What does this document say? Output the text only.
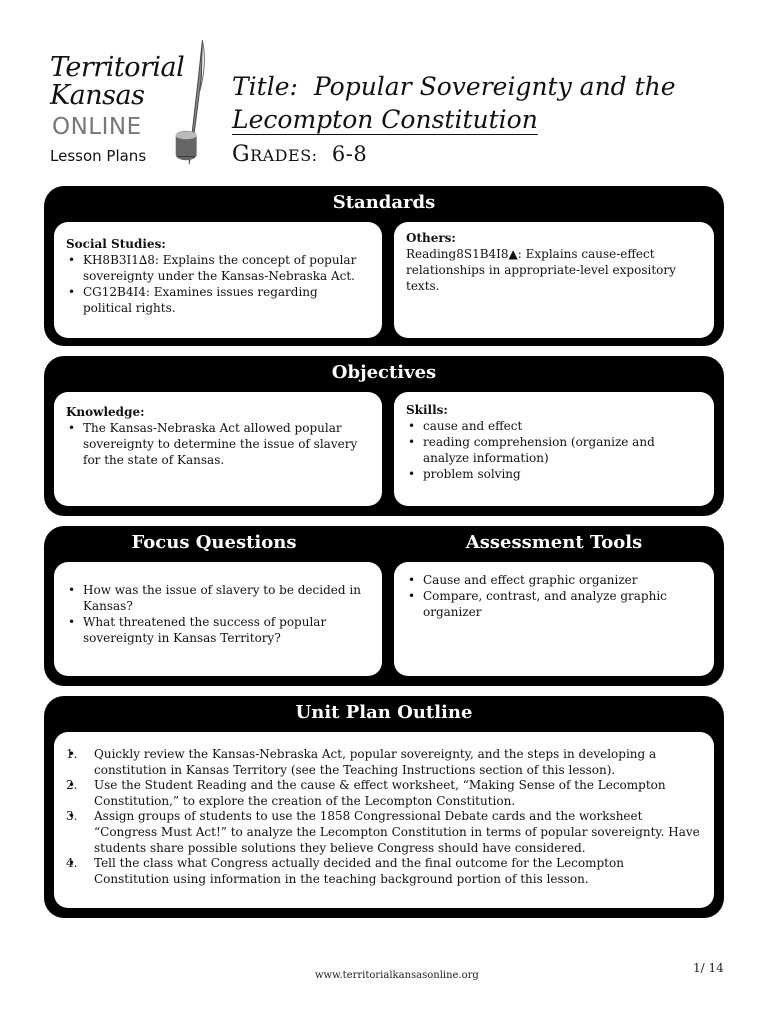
Territorial
Kansas
ONLINE
Lesson Plans
Title: Popular Sovereignty and the
Lecompton Constitution
GRADES: 6-8
Standards
Social Studies:
• KH8B3I1∆8: Explains the concept of popular sovereignty under the Kansas-Nebraska Act.
• CG12B4I4: Examines issues regarding political rights.
Others:
Reading8S1B4I8▲: Explains cause-effect relationships in appropriate-level expository texts.
Objectives
Knowledge:
• The Kansas-Nebraska Act allowed popular sovereignty to determine the issue of slavery for the state of Kansas.
Skills:
• cause and effect
• reading comprehension (organize and analyze information)
• problem solving
Focus Questions	Assessment Tools
• How was the issue of slavery to be decided in Kansas?
• What threatened the success of popular sovereignty in Kansas Territory?
• Cause and effect graphic organizer
• Compare, contrast, and analyze graphic organizer
Unit Plan Outline
• 1. Quickly review the Kansas-Nebraska Act, popular sovereignty, and the steps in developing a constitution in Kansas Territory (see the Teaching Instructions section of this lesson).
• 2. Use the Student Reading and the cause & effect worksheet, “Making Sense of the Lecompton Constitution,” to explore the creation of the Lecompton Constitution.
• 3. Assign groups of students to use the 1858 Congressional Debate cards and the worksheet “Congress Must Act!” to analyze the Lecompton Constitution in terms of popular sovereignty. Have students share possible solutions they believe Congress should have considered.
• 4. Tell the class what Congress actually decided and the final outcome for the Lecompton Constitution using information in the teaching background portion of this lesson.
www.territorialkansasonline.org
1/ 14
